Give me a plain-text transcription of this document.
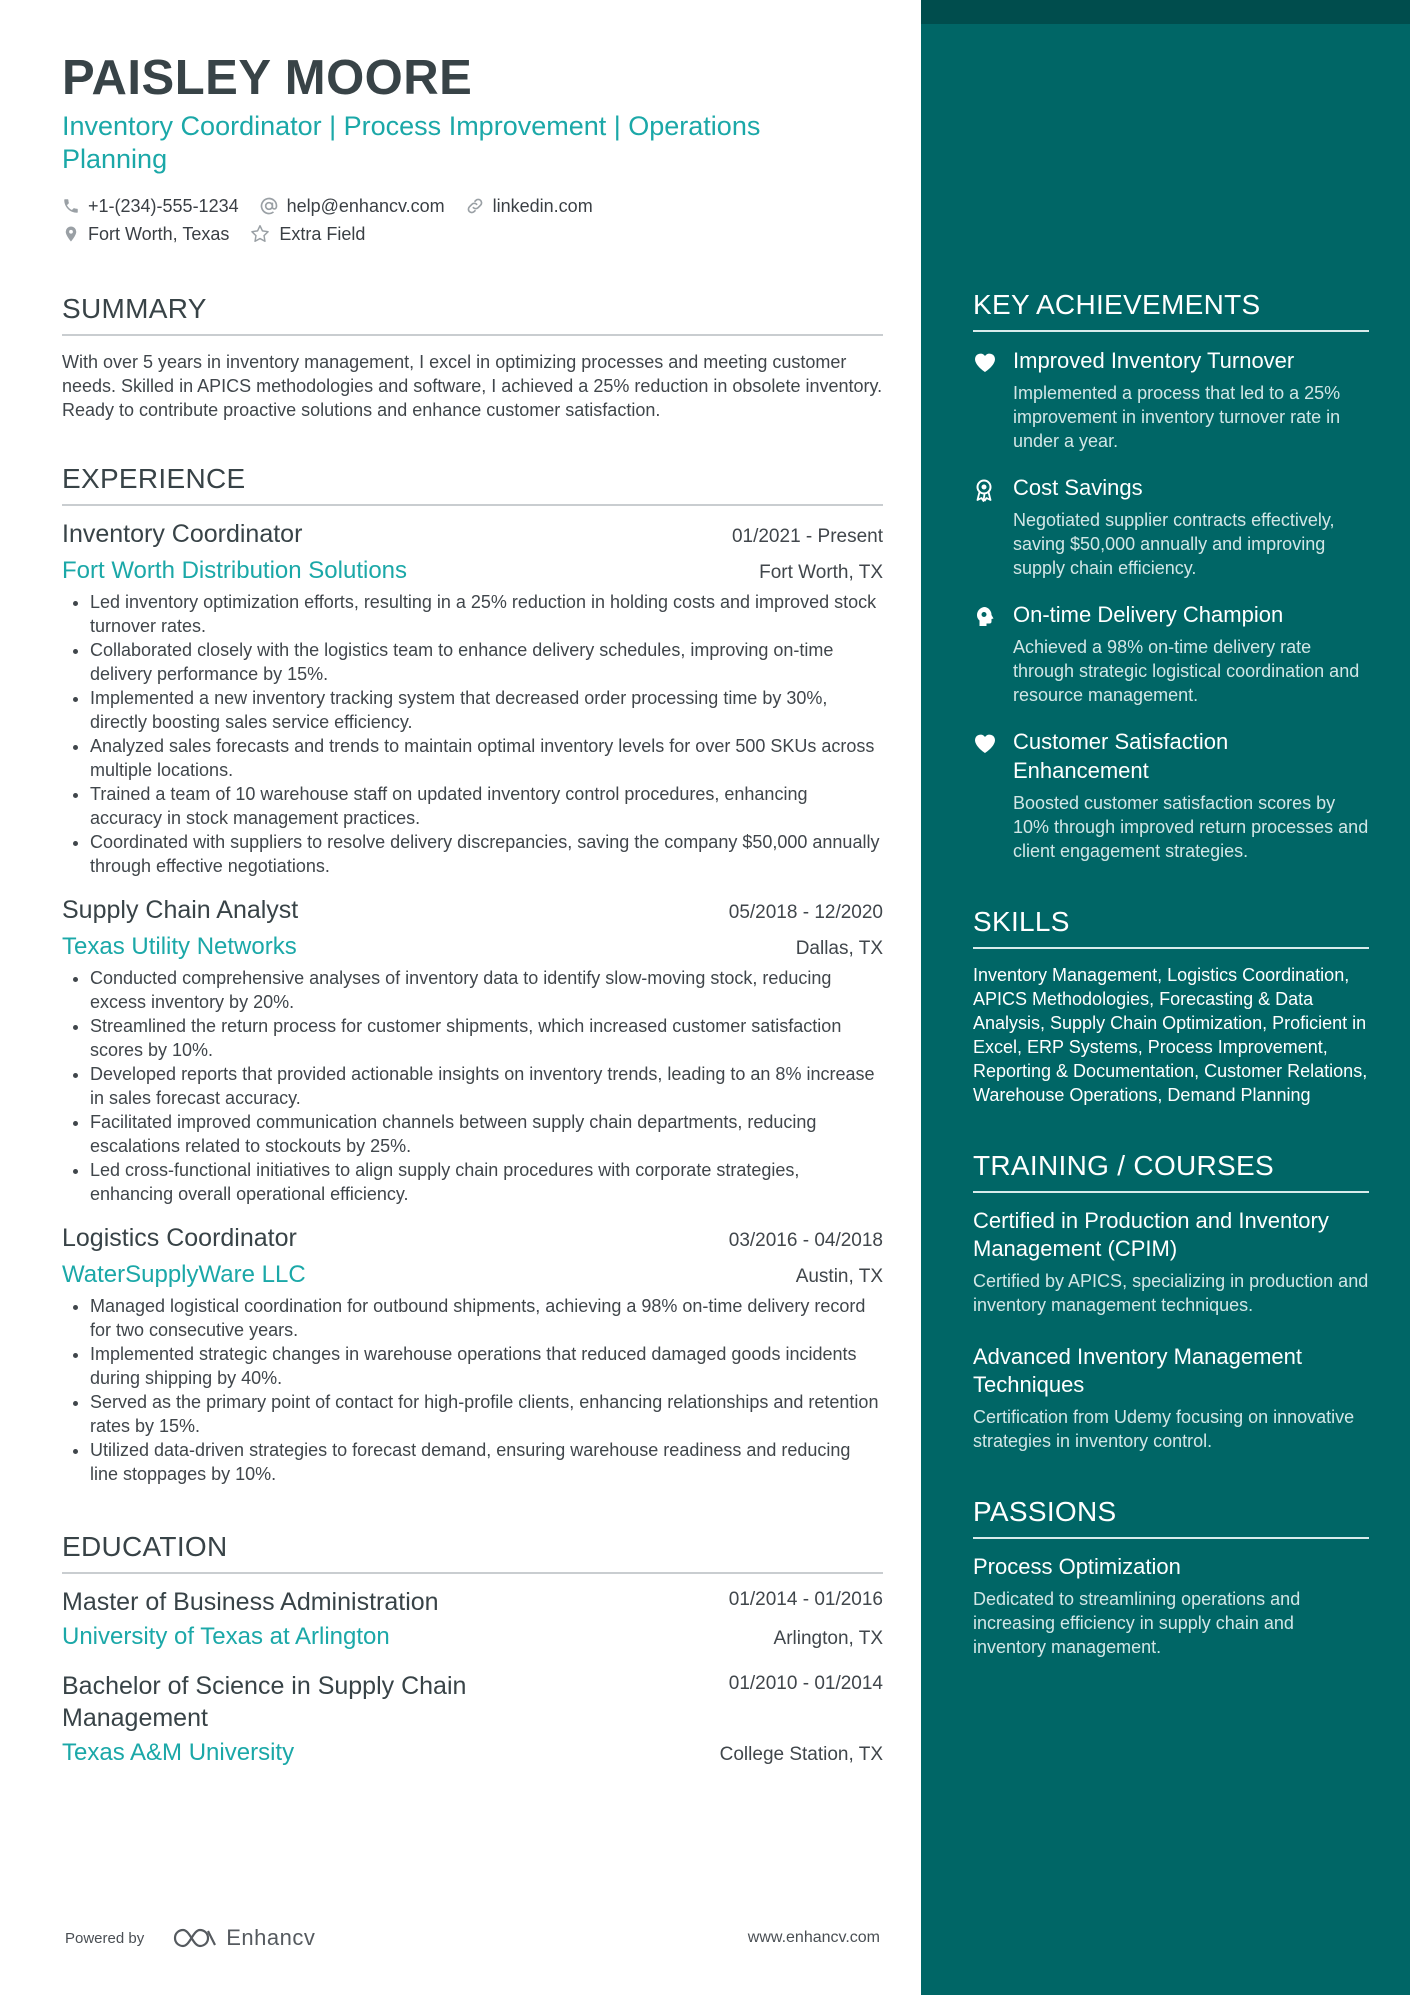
PAISLEY MOORE
Inventory Coordinator | Process Improvement | Operations Planning
+1-(234)-555-1234	help@enhancv.com	linkedin.com
Fort Worth, Texas	Extra Field
SUMMARY
With over 5 years in inventory management, I excel in optimizing processes and meeting customer needs. Skilled in APICS methodologies and software, I achieved a 25% reduction in obsolete inventory. Ready to contribute proactive solutions and enhance customer satisfaction.
EXPERIENCE
Inventory Coordinator	01/2021 - Present
Fort Worth Distribution Solutions	Fort Worth, TX
• Led inventory optimization efforts, resulting in a 25% reduction in holding costs and improved stock turnover rates.
• Collaborated closely with the logistics team to enhance delivery schedules, improving on-time delivery performance by 15%.
• Implemented a new inventory tracking system that decreased order processing time by 30%, directly boosting sales service efficiency.
• Analyzed sales forecasts and trends to maintain optimal inventory levels for over 500 SKUs across multiple locations.
• Trained a team of 10 warehouse staff on updated inventory control procedures, enhancing accuracy in stock management practices.
• Coordinated with suppliers to resolve delivery discrepancies, saving the company $50,000 annually through effective negotiations.
Supply Chain Analyst	05/2018 - 12/2020
Texas Utility Networks	Dallas, TX
• Conducted comprehensive analyses of inventory data to identify slow-moving stock, reducing excess inventory by 20%.
• Streamlined the return process for customer shipments, which increased customer satisfaction scores by 10%.
• Developed reports that provided actionable insights on inventory trends, leading to an 8% increase in sales forecast accuracy.
• Facilitated improved communication channels between supply chain departments, reducing escalations related to stockouts by 25%.
• Led cross-functional initiatives to align supply chain procedures with corporate strategies, enhancing overall operational efficiency.
Logistics Coordinator	03/2016 - 04/2018
WaterSupplyWare LLC	Austin, TX
• Managed logistical coordination for outbound shipments, achieving a 98% on-time delivery record for two consecutive years.
• Implemented strategic changes in warehouse operations that reduced damaged goods incidents during shipping by 40%.
• Served as the primary point of contact for high-profile clients, enhancing relationships and retention rates by 15%.
• Utilized data-driven strategies to forecast demand, ensuring warehouse readiness and reducing line stoppages by 10%.
EDUCATION
Master of Business Administration	01/2014 - 01/2016
University of Texas at Arlington	Arlington, TX
Bachelor of Science in Supply Chain Management
01/2010 - 01/2014
Texas A&M University	College Station, TX
Powered by	Enhancv	www.enhancv.com
KEY ACHIEVEMENTS
Improved Inventory Turnover
Implemented a process that led to a 25% improvement in inventory turnover rate in under a year.
Cost Savings
Negotiated supplier contracts effectively, saving $50,000 annually and improving supply chain efficiency.
On-time Delivery Champion
Achieved a 98% on-time delivery rate through strategic logistical coordination and resource management.
Customer Satisfaction Enhancement
Boosted customer satisfaction scores by 10% through improved return processes and client engagement strategies.
SKILLS
Inventory Management, Logistics Coordination, APICS Methodologies, Forecasting & Data Analysis, Supply Chain Optimization, Proficient in Excel, ERP Systems, Process Improvement, Reporting & Documentation, Customer Relations, Warehouse Operations, Demand Planning
TRAINING / COURSES
Certified in Production and Inventory Management (CPIM)
Certified by APICS, specializing in production and inventory management techniques.
Advanced Inventory Management Techniques
Certification from Udemy focusing on innovative strategies in inventory control.
PASSIONS
Process Optimization
Dedicated to streamlining operations and increasing efficiency in supply chain and inventory management.
